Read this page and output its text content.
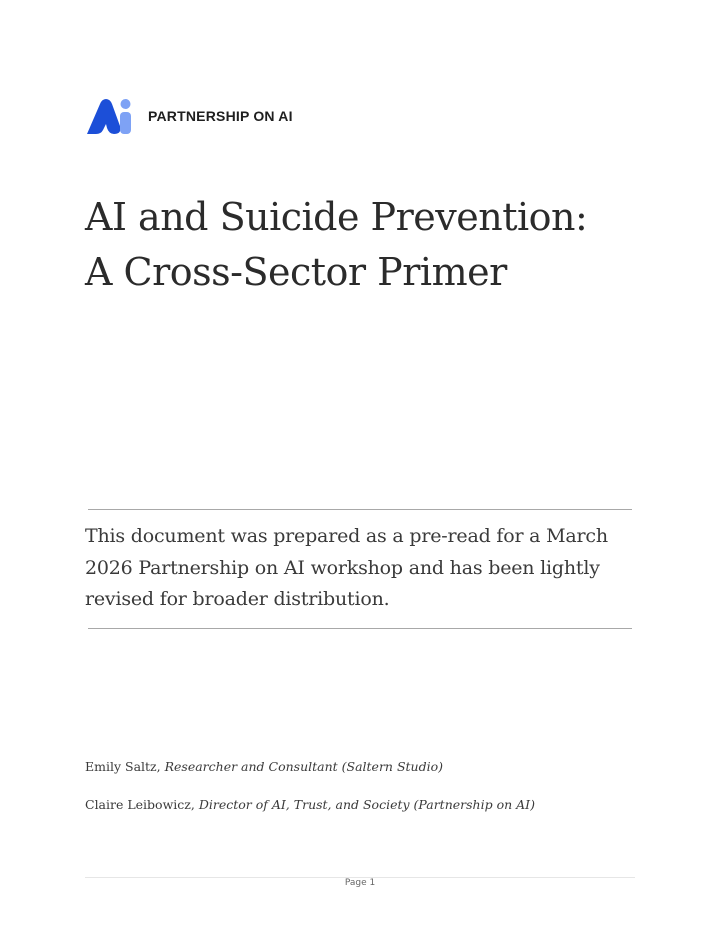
PARTNERSHIP ON AI
AI and Suicide Prevention:
A Cross-Sector Primer

This document was prepared as a pre-read for a March 2026 Partnership on AI workshop and has been lightly revised for broader distribution.

Emily Saltz, Researcher and Consultant (Saltern Studio)
Claire Leibowicz, Director of AI, Trust, and Society (Partnership on AI)
Page 1
